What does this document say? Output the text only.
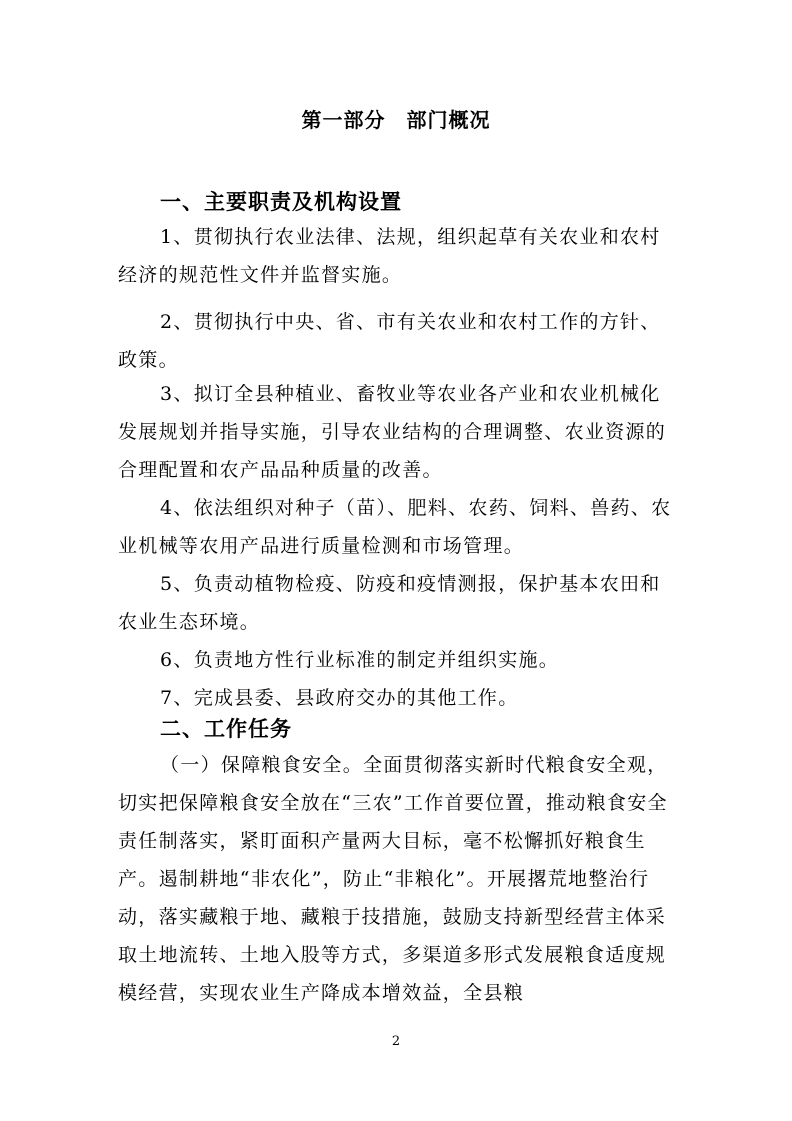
第一部分　部门概况
一、主要职责及机构设置
1、贯彻执行农业法律、法规，组织起草有关农业和农村经济的规范性文件并监督实施。
2、贯彻执行中央、省、市有关农业和农村工作的方针、政策。
3、拟订全县种植业、畜牧业等农业各产业和农业机械化发展规划并指导实施，引导农业结构的合理调整、农业资源的合理配置和农产品品种质量的改善。
4、依法组织对种子（苗）、肥料、农药、饲料、兽药、农业机械等农用产品进行质量检测和市场管理。
5、负责动植物检疫、防疫和疫情测报，保护基本农田和农业生态环境。
6、负责地方性行业标准的制定并组织实施。
7、完成县委、县政府交办的其他工作。
二、工作任务
（一）保障粮食安全。全面贯彻落实新时代粮食安全观，切实把保障粮食安全放在“三农”工作首要位置，推动粮食安全责任制落实，紧盯面积产量两大目标，毫不松懈抓好粮食生产。遏制耕地“非农化”，防止“非粮化”。开展撂荒地整治行动，落实藏粮于地、藏粮于技措施，鼓励支持新型经营主体采取土地流转、土地入股等方式，多渠道多形式发展粮食适度规模经营，实现农业生产降成本增效益，全县粮
2
